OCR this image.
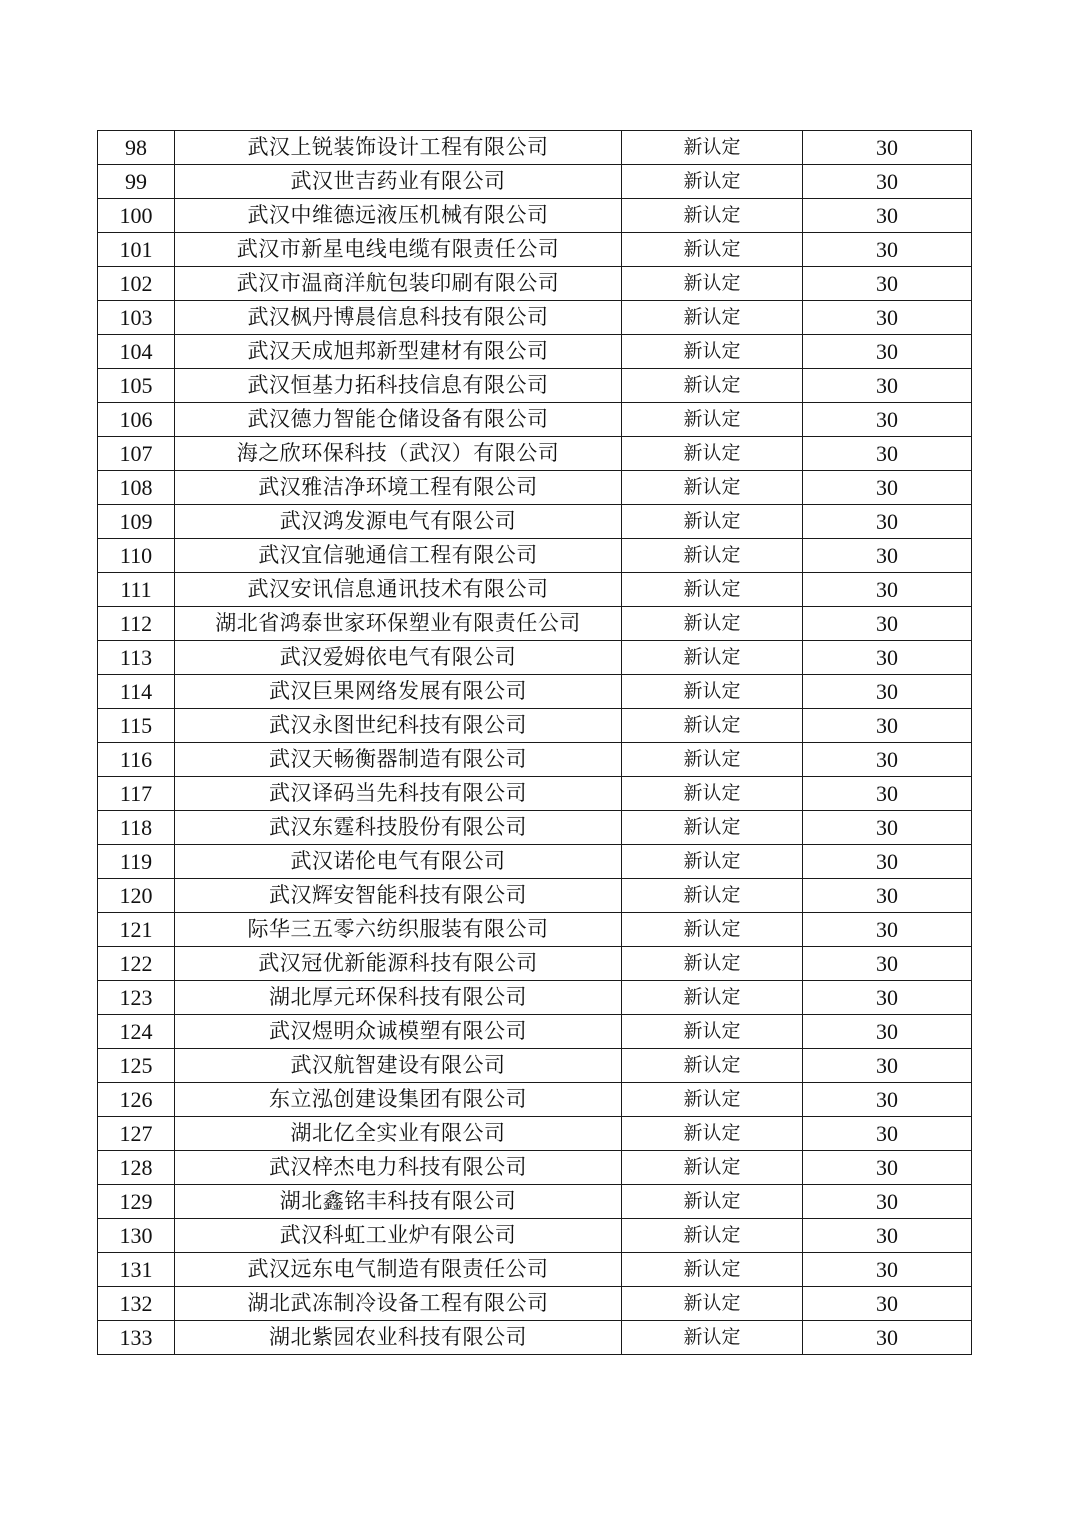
98	武汉上锐装饰设计工程有限公司	新认定	30
99	武汉世吉药业有限公司	新认定	30
100	武汉中维德远液压机械有限公司	新认定	30
101	武汉市新星电线电缆有限责任公司	新认定	30
102	武汉市温商洋航包装印刷有限公司	新认定	30
103	武汉枫丹博晨信息科技有限公司	新认定	30
104	武汉天成旭邦新型建材有限公司	新认定	30
105	武汉恒基力拓科技信息有限公司	新认定	30
106	武汉德力智能仓储设备有限公司	新认定	30
107	海之欣环保科技（武汉）有限公司	新认定	30
108	武汉雅洁净环境工程有限公司	新认定	30
109	武汉鸿发源电气有限公司	新认定	30
110	武汉宜信驰通信工程有限公司	新认定	30
111	武汉安讯信息通讯技术有限公司	新认定	30
112	湖北省鸿泰世家环保塑业有限责任公司	新认定	30
113	武汉爱姆依电气有限公司	新认定	30
114	武汉巨果网络发展有限公司	新认定	30
115	武汉永图世纪科技有限公司	新认定	30
116	武汉天畅衡器制造有限公司	新认定	30
117	武汉译码当先科技有限公司	新认定	30
118	武汉东霆科技股份有限公司	新认定	30
119	武汉诺伦电气有限公司	新认定	30
120	武汉辉安智能科技有限公司	新认定	30
121	际华三五零六纺织服装有限公司	新认定	30
122	武汉冠优新能源科技有限公司	新认定	30
123	湖北厚元环保科技有限公司	新认定	30
124	武汉煜明众诚模塑有限公司	新认定	30
125	武汉航智建设有限公司	新认定	30
126	东立泓创建设集团有限公司	新认定	30
127	湖北亿全实业有限公司	新认定	30
128	武汉梓杰电力科技有限公司	新认定	30
129	湖北鑫铭丰科技有限公司	新认定	30
130	武汉科虹工业炉有限公司	新认定	30
131	武汉远东电气制造有限责任公司	新认定	30
132	湖北武冻制冷设备工程有限公司	新认定	30
133	湖北紫园农业科技有限公司	新认定	30
